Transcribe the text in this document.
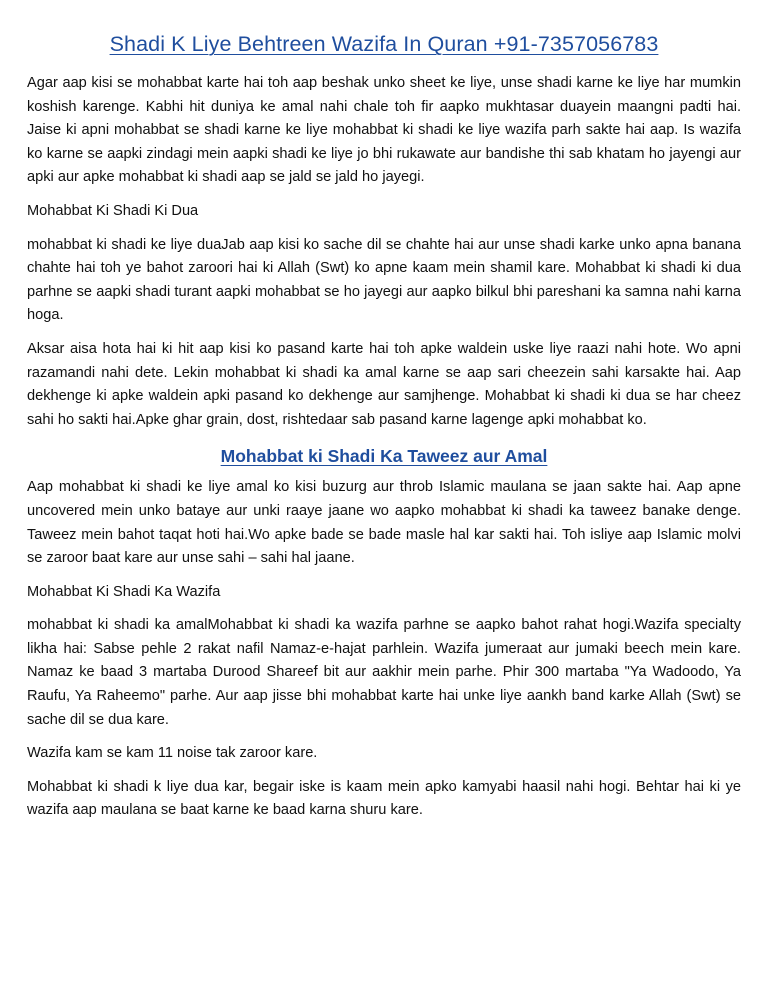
Shadi K Liye Behtreen Wazifa In Quran +91-7357056783

Agar aap kisi se mohabbat karte hai toh aap beshak unko sheet ke liye, unse shadi karne ke liye har mumkin koshish karenge. Kabhi hit duniya ke amal nahi chale toh fir aapko mukhtasar duayein maangni padti hai. Jaise ki apni mohabbat se shadi karne ke liye mohabbat ki shadi ke liye wazifa parh sakte hai aap. Is wazifa ko karne se aapki zindagi mein aapki shadi ke liye jo bhi rukawate aur bandishe thi sab khatam ho jayengi aur apki aur apke mohabbat ki shadi aap se jald se jald ho jayegi.

Mohabbat Ki Shadi Ki Dua

mohabbat ki shadi ke liye duaJab aap kisi ko sache dil se chahte hai aur unse shadi karke unko apna banana chahte hai toh ye bahot zaroori hai ki Allah (Swt) ko apne kaam mein shamil kare. Mohabbat ki shadi ki dua parhne se aapki shadi turant aapki mohabbat se ho jayegi aur aapko bilkul bhi pareshani ka samna nahi karna hoga.

Aksar aisa hota hai ki hit aap kisi ko pasand karte hai toh apke waldein uske liye raazi nahi hote. Wo apni razamandi nahi dete. Lekin mohabbat ki shadi ka amal karne se aap sari cheezein sahi karsakte hai. Aap dekhenge ki apke waldein apki pasand ko dekhenge aur samjhenge. Mohabbat ki shadi ki dua se har cheez sahi ho sakti hai.Apke ghar grain, dost, rishtedaar sab pasand karne lagenge apki mohabbat ko.

Mohabbat ki Shadi Ka Taweez aur Amal

Aap mohabbat ki shadi ke liye amal ko kisi buzurg aur throb Islamic maulana se jaan sakte hai. Aap apne uncovered mein unko bataye aur unki raaye jaane wo aapko mohabbat ki shadi ka taweez banake denge. Taweez mein bahot taqat hoti hai.Wo apke bade se bade masle hal kar sakti hai. Toh isliye aap Islamic molvi se zaroor baat kare aur unse sahi – sahi hal jaane.

Mohabbat Ki Shadi Ka Wazifa

mohabbat ki shadi ka amalMohabbat ki shadi ka wazifa parhne se aapko bahot rahat hogi.Wazifa specialty likha hai: Sabse pehle 2 rakat nafil Namaz-e-hajat parhlein. Wazifa jumeraat aur jumaki beech mein kare. Namaz ke baad 3 martaba Durood Shareef bit aur aakhir mein parhe. Phir 300 martaba "Ya Wadoodo, Ya Raufu, Ya Raheemo" parhe. Aur aap jisse bhi mohabbat karte hai unke liye aankh band karke Allah (Swt) se sache dil se dua kare.

Wazifa kam se kam 11 noise tak zaroor kare.

Mohabbat ki shadi k liye dua kar, begair iske is kaam mein apko kamyabi haasil nahi hogi. Behtar hai ki ye wazifa aap maulana se baat karne ke baad karna shuru kare.
